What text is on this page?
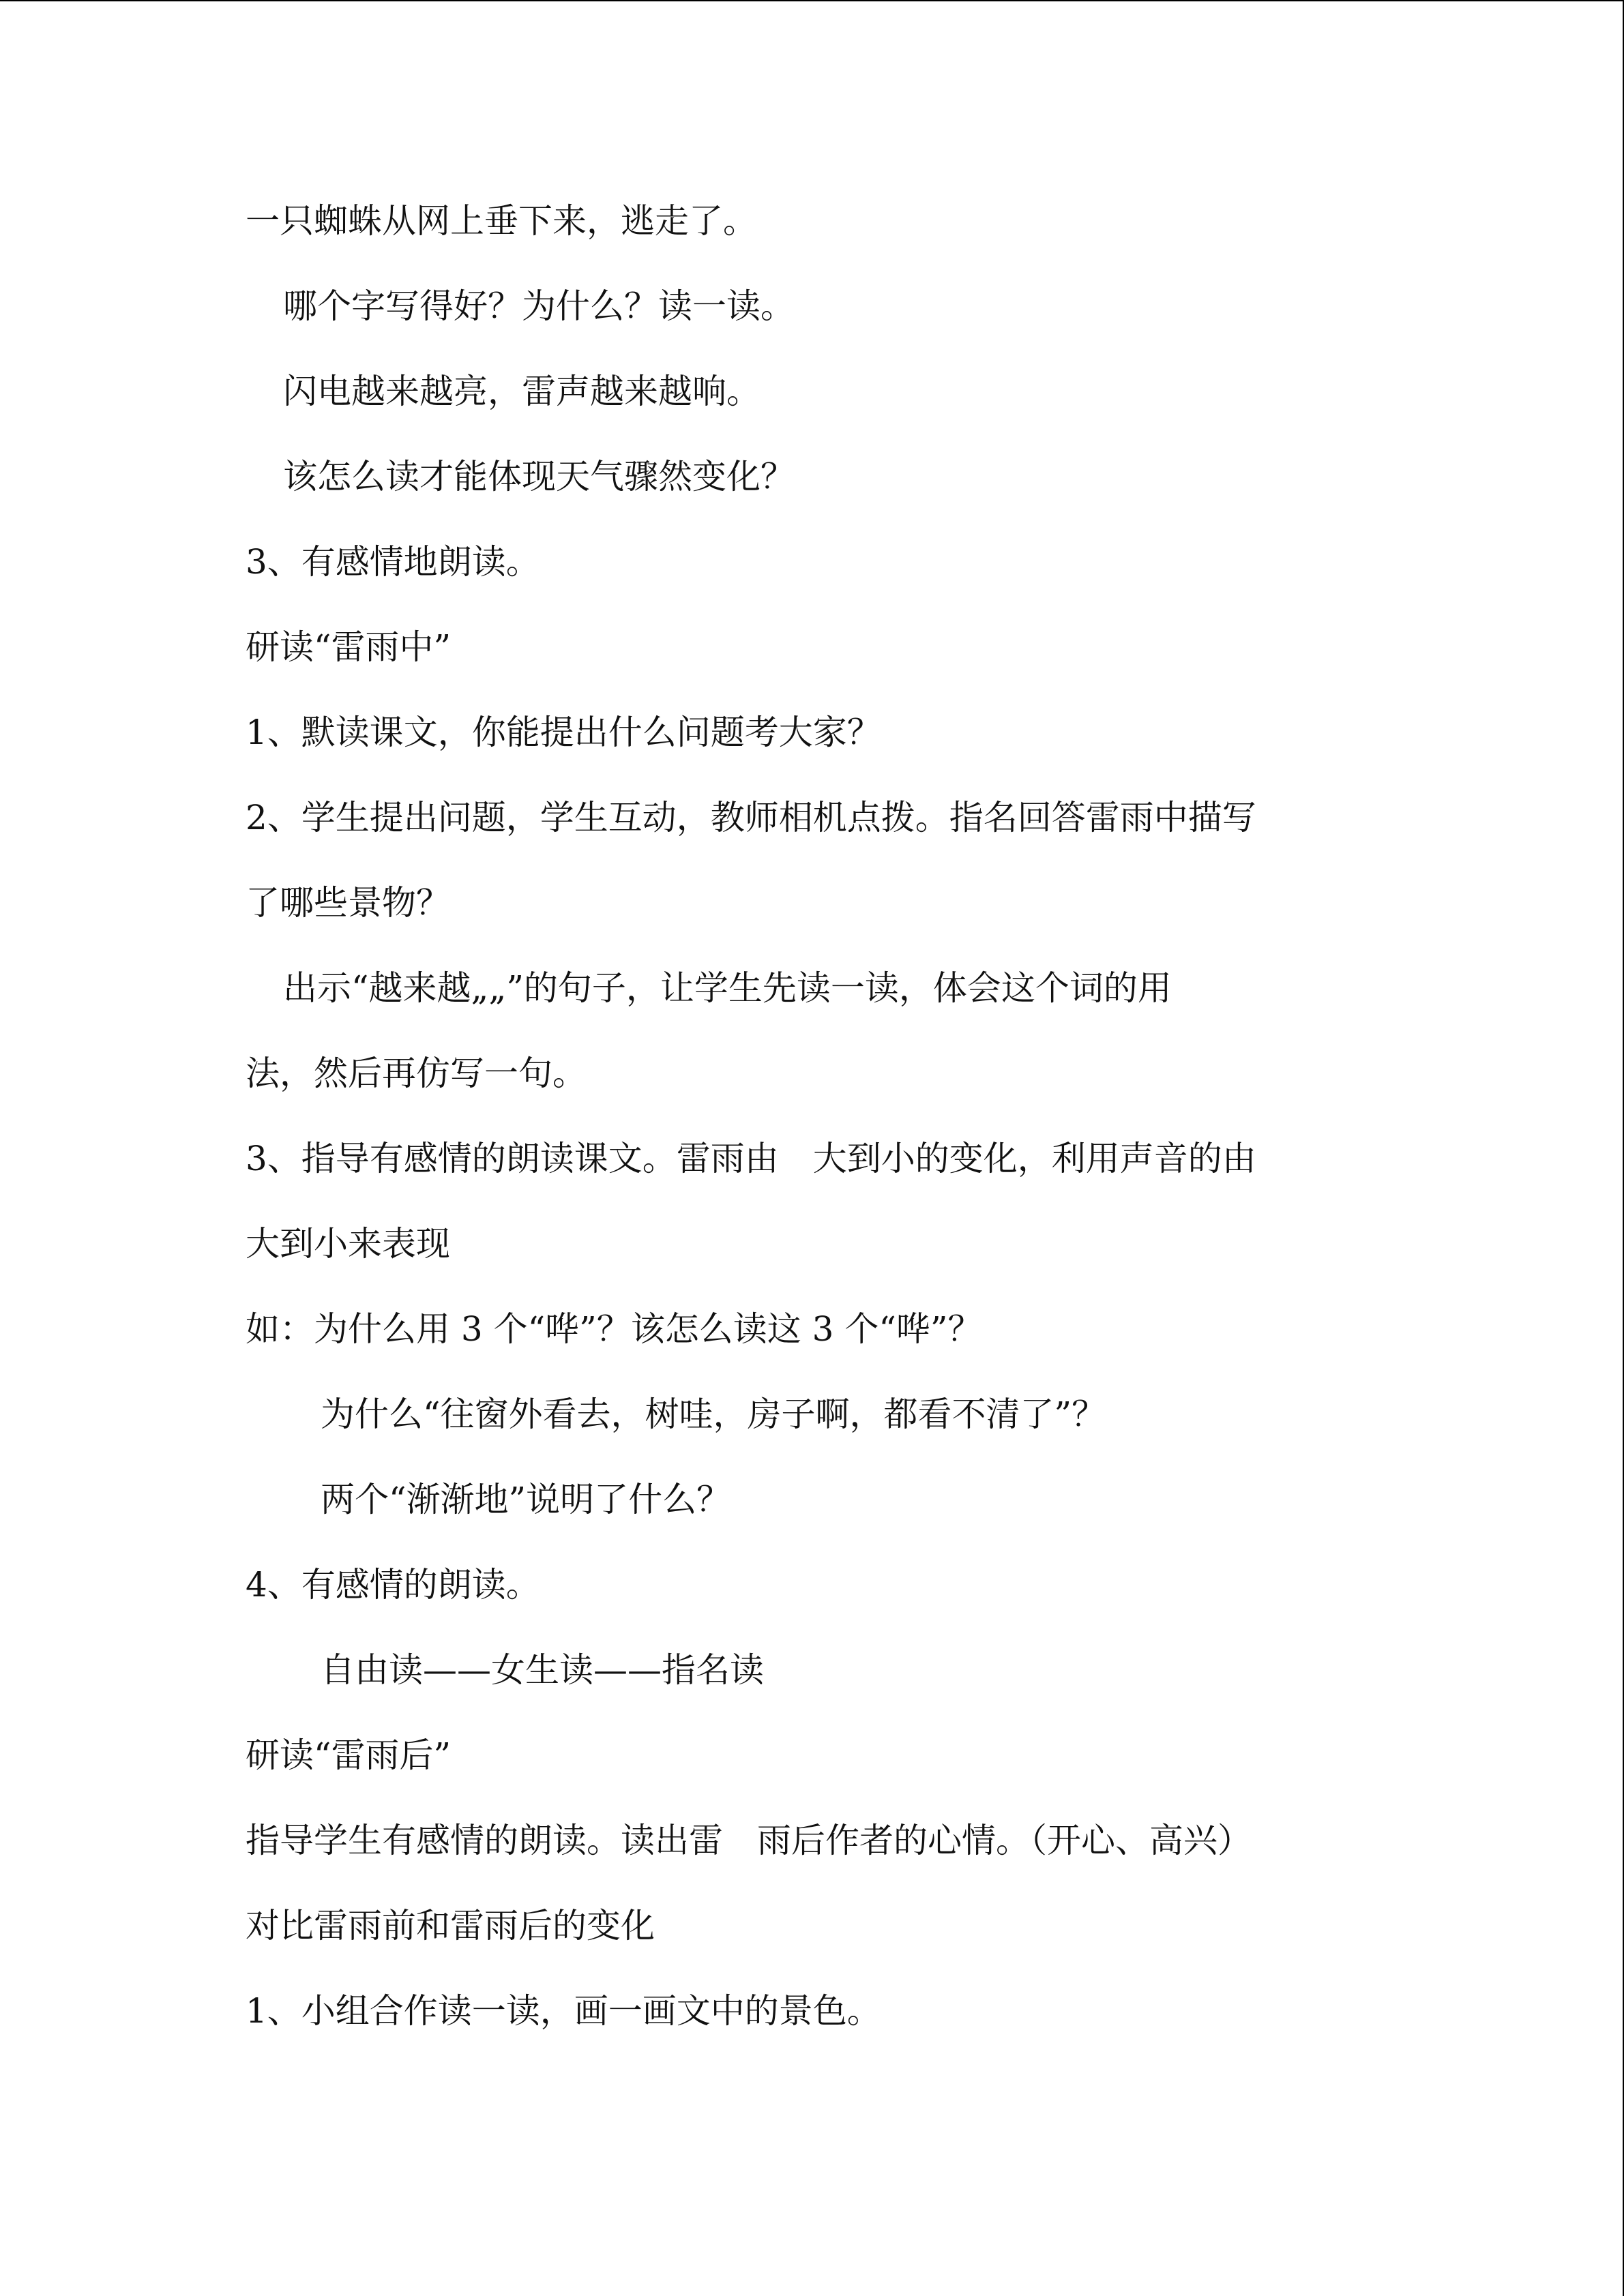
一只蜘蛛从网上垂下来，逃走了。
哪个字写得好？为什么？读一读。
闪电越来越亮，雷声越来越响。
该怎么读才能体现天气骤然变化？
3、有感情地朗读。
研读“雷雨中”
1、默读课文，你能提出什么问题考大家？
2、学生提出问题，学生互动，教师相机点拨。指名回答雷雨中描写
了哪些景物？
出示“越来越„„”的句子，让学生先读一读，体会这个词的用
法，然后再仿写一句。
3、指导有感情的朗读课文。雷雨由　大到小的变化，利用声音的由
大到小来表现
如：为什么用 3 个“哗”？该怎么读这 3 个“哗”？
为什么“往窗外看去，树哇，房子啊，都看不清了”？
两个“渐渐地”说明了什么？
4、有感情的朗读。
自由读——女生读——指名读
研读“雷雨后”
指导学生有感情的朗读。读出雷　雨后作者的心情。（开心、高兴）
对比雷雨前和雷雨后的变化
1、小组合作读一读，画一画文中的景色。
